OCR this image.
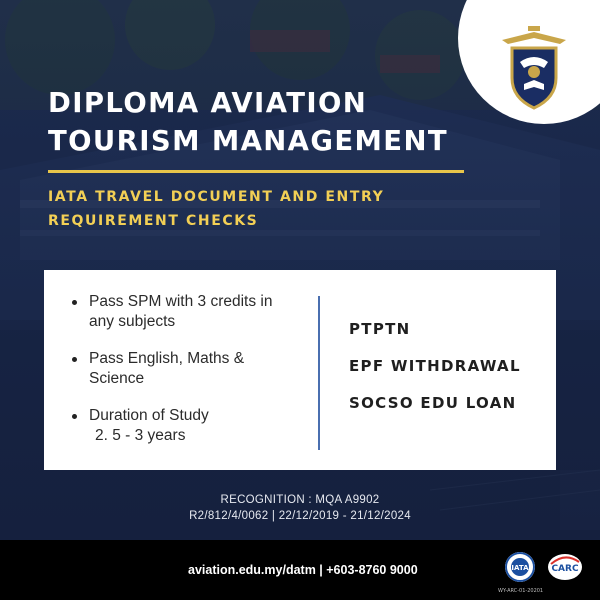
DIPLOMA AVIATION
TOURISM MANAGEMENT
IATA TRAVEL DOCUMENT AND ENTRY
REQUIREMENT CHECKS
Pass SPM with 3 credits in
any subjects
Pass English, Maths &
Science
Duration of Study
2. 5 - 3 years
PTPTN
EPF WITHDRAWAL
SOCSO EDU LOAN
RECOGNITION : MQA A9902
R2/812/4/0062 | 22/12/2019 - 21/12/2024
aviation.edu.my/datm | +603-8760 9000	IATA
WY-ARC-01-20201
CARC
